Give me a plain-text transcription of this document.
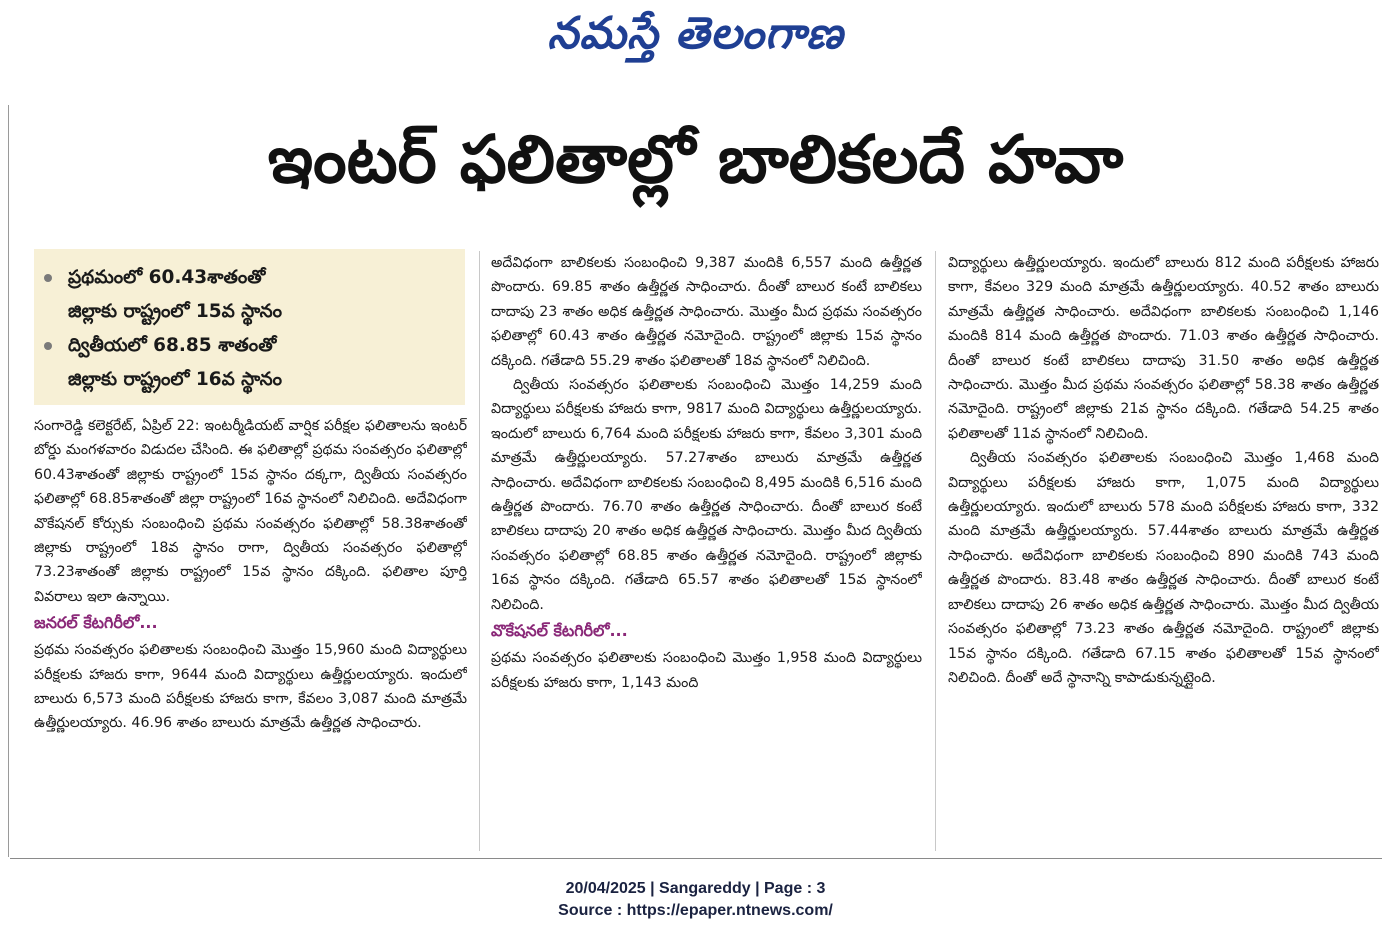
నమస్తే తెలంగాణ
ఇంటర్‌ ఫలితాల్లో బాలికలదే హవా
ప్రథమంలో 60.43శాతంతో
జిల్లాకు రాష్ట్రంలో 15వ స్థానం
ద్వితీయలో 68.85 శాతంతో
జిల్లాకు రాష్ట్రంలో 16వ స్థానం

సంగారెడ్డి కలెక్టరేట్‌, ఏప్రిల్‌ 22: ఇంటర్మీడియట్‌ వార్షిక పరీక్షల ఫలితాలను ఇంటర్‌ బోర్డు మంగళవారం విడుదల చేసింది. ఈ ఫలితాల్లో ప్రథమ సంవత్సరం ఫలితాల్లో 60.43శాతంతో జిల్లాకు రాష్ట్రంలో 15వ స్థానం దక్కగా, ద్వితీయ సంవత్సరం ఫలితాల్లో 68.85శాతంతో జిల్లా రాష్ట్రంలో 16వ స్థానంలో నిలిచింది. అదేవిధంగా వొకేషనల్‌ కోర్సుకు సంబంధించి ప్రథమ సంవత్సరం ఫలితాల్లో 58.38శాతంతో జిల్లాకు రాష్ట్రంలో 18వ స్థానం రాగా, ద్వితీయ సంవత్సరం ఫలితాల్లో 73.23శాతంతో జిల్లాకు రాష్ట్రంలో 15వ స్థానం దక్కింది. ఫలితాల పూర్తి వివరాలు ఇలా ఉన్నాయి.

జనరల్‌ కేటగిరీలో...

ప్రథమ సంవత్సరం ఫలితాలకు సంబంధించి మొత్తం 15,960 మంది విద్యార్థులు పరీక్షలకు హాజరు కాగా, 9644 మంది విద్యార్థులు ఉత్తీర్ణులయ్యారు. ఇందులో బాలురు 6,573 మంది పరీక్షలకు హాజరు కాగా, కేవలం 3,087 మంది మాత్రమే ఉత్తీర్ణులయ్యారు. 46.96 శాతం బాలురు మాత్రమే ఉత్తీర్ణత సాధించారు.

అదేవిధంగా బాలికలకు సంబంధించి 9,387 మందికి 6,557 మంది ఉత్తీర్ణత పొందారు. 69.85 శాతం ఉత్తీర్ణత సాధించారు. దీంతో బాలుర కంటే బాలికలు దాదాపు 23 శాతం అధిక ఉత్తీర్ణత సాధించారు. మొత్తం మీద ప్రథమ సంవత్సరం ఫలితాల్లో 60.43 శాతం ఉత్తీర్ణత నమోదైంది. రాష్ట్రంలో జిల్లాకు 15వ స్థానం దక్కింది. గతేడాది 55.29 శాతం ఫలితాలతో 18వ స్థానంలో నిలిచింది.

ద్వితీయ సంవత్సరం ఫలితాలకు సంబంధించి మొత్తం 14,259 మంది విద్యార్థులు పరీక్షలకు హాజరు కాగా, 9817 మంది విద్యార్థులు ఉత్తీర్ణులయ్యారు. ఇందులో బాలురు 6,764 మంది పరీక్షలకు హాజరు కాగా, కేవలం 3,301 మంది మాత్రమే ఉత్తీర్ణులయ్యారు. 57.27శాతం బాలురు మాత్రమే ఉత్తీర్ణత సాధించారు. అదేవిధంగా బాలికలకు సంబంధించి 8,495 మందికి 6,516 మంది ఉత్తీర్ణత పొందారు. 76.70 శాతం ఉత్తీర్ణత సాధించారు. దీంతో బాలుర కంటే బాలికలు దాదాపు 20 శాతం అధిక ఉత్తీర్ణత సాధించారు. మొత్తం మీద ద్వితీయ సంవత్సరం ఫలితాల్లో 68.85 శాతం ఉత్తీర్ణత నమోదైంది. రాష్ట్రంలో జిల్లాకు 16వ స్థానం దక్కింది. గతేడాది 65.57 శాతం ఫలితాలతో 15వ స్థానంలో నిలిచింది.

వొకేషనల్‌ కేటగిరీలో...

ప్రథమ సంవత్సరం ఫలితాలకు సంబంధించి మొత్తం 1,958 మంది విద్యార్థులు పరీక్షలకు హాజరు కాగా, 1,143 మంది

విద్యార్థులు ఉత్తీర్ణులయ్యారు. ఇందులో బాలురు 812 మంది పరీక్షలకు హాజరు కాగా, కేవలం 329 మంది మాత్రమే ఉత్తీర్ణులయ్యారు. 40.52 శాతం బాలురు మాత్రమే ఉత్తీర్ణత సాధించారు. అదేవిధంగా బాలికలకు సంబంధించి 1,146 మందికి 814 మంది ఉత్తీర్ణత పొందారు. 71.03 శాతం ఉత్తీర్ణత సాధించారు. దీంతో బాలుర కంటే బాలికలు దాదాపు 31.50 శాతం అధిక ఉత్తీర్ణత సాధించారు. మొత్తం మీద ప్రథమ సంవత్సరం ఫలితాల్లో 58.38 శాతం ఉత్తీర్ణత నమోదైంది. రాష్ట్రంలో జిల్లాకు 21వ స్థానం దక్కింది. గతేడాది 54.25 శాతం ఫలితాలతో 11వ స్థానంలో నిలిచింది.

ద్వితీయ సంవత్సరం ఫలితాలకు సంబంధించి మొత్తం 1,468 మంది విద్యార్థులు పరీక్షలకు హాజరు కాగా, 1,075 మంది విద్యార్థులు ఉత్తీర్ణులయ్యారు. ఇందులో బాలురు 578 మంది పరీక్షలకు హాజరు కాగా, 332 మంది మాత్రమే ఉత్తీర్ణులయ్యారు. 57.44శాతం బాలురు మాత్రమే ఉత్తీర్ణత సాధించారు. అదేవిధంగా బాలికలకు సంబంధించి 890 మందికి 743 మంది ఉత్తీర్ణత పొందారు. 83.48 శాతం ఉత్తీర్ణత సాధించారు. దీంతో బాలుర కంటే బాలికలు దాదాపు 26 శాతం అధిక ఉత్తీర్ణత సాధించారు. మొత్తం మీద ద్వితీయ సంవత్సరం ఫలితాల్లో 73.23 శాతం ఉత్తీర్ణత నమోదైంది. రాష్ట్రంలో జిల్లాకు 15వ స్థానం దక్కింది. గతేడాది 67.15 శాతం ఫలితాలతో 15వ స్థానంలో నిలిచింది. దీంతో అదే స్థానాన్ని కాపాడుకున్నట్లైంది.

20/04/2025 | Sangareddy | Page : 3
Source : https://epaper.ntnews.com/
